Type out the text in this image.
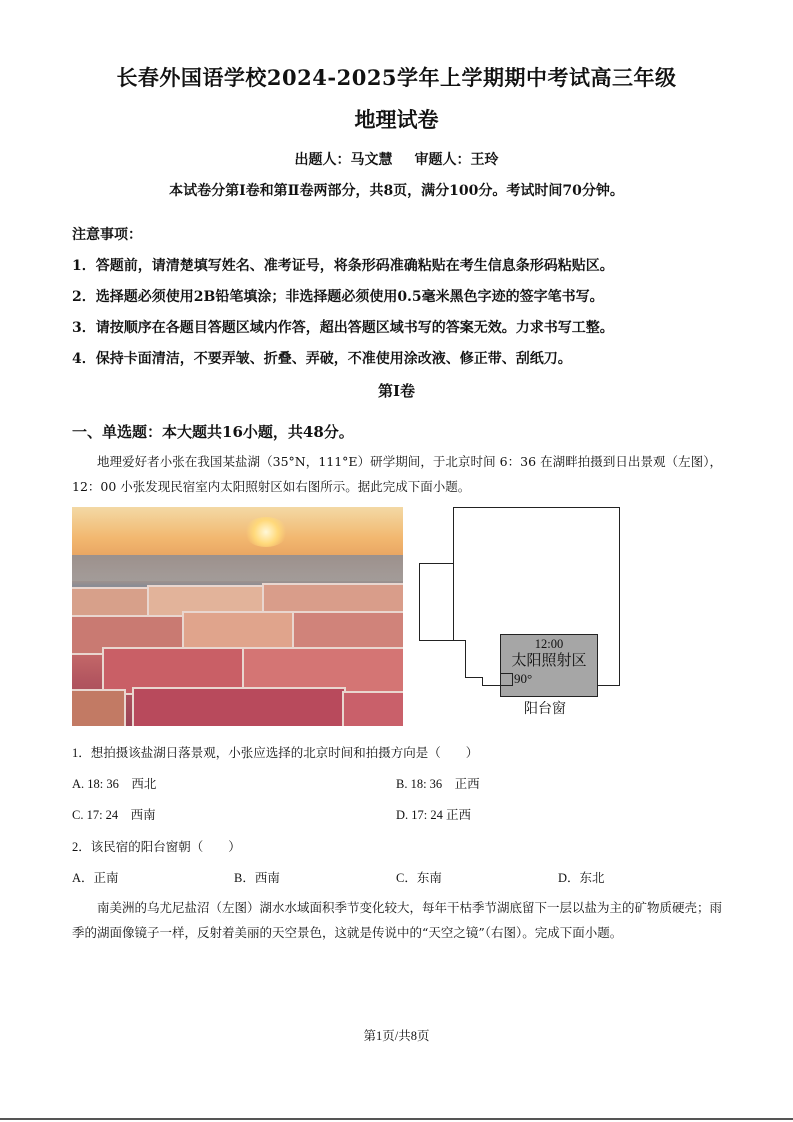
长春外国语学校2024-2025学年上学期期中考试高三年级
地理试卷
出题人：马文慧 审题人：王玲
本试卷分第Ⅰ卷和第Ⅱ卷两部分，共8页，满分100分。考试时间70分钟。
注意事项：
1．答题前，请清楚填写姓名、准考证号，将条形码准确粘贴在考生信息条形码粘贴区。
2．选择题必须使用2B铅笔填涂；非选择题必须使用0.5毫米黑色字迹的签字笔书写。
3．请按顺序在各题目答题区域内作答，超出答题区域书写的答案无效。力求书写工整。
4．保持卡面清洁，不要弄皱、折叠、弄破，不准使用涂改液、修正带、刮纸刀。
第Ⅰ卷
一、单选题：本大题共16小题，共48分。
地理爱好者小张在我国某盐湖（35°N，111°E）研学期间，于北京时间 6：36 在湖畔拍摄到日出景观（左图），12：00 小张发现民宿室内太阳照射区如右图所示。据此完成下面小题。
12:00
太阳照射区
90°
阳台窗
1．想拍摄该盐湖日落景观，小张应选择的北京时间和拍摄方向是（　　）
A. 18: 36　西北	B. 18: 36　正西
C. 17: 24　西南	D. 17: 24 正西
2．该民宿的阳台窗朝（　　）
A．正南	B．西南	C．东南	D．东北
南美洲的乌尤尼盐沼（左图）湖水水域面积季节变化较大，每年干枯季节湖底留下一层以盐为主的矿物质硬壳；雨季的湖面像镜子一样，反射着美丽的天空景色，这就是传说中的“天空之镜”（右图）。完成下面小题。
第1页/共8页
